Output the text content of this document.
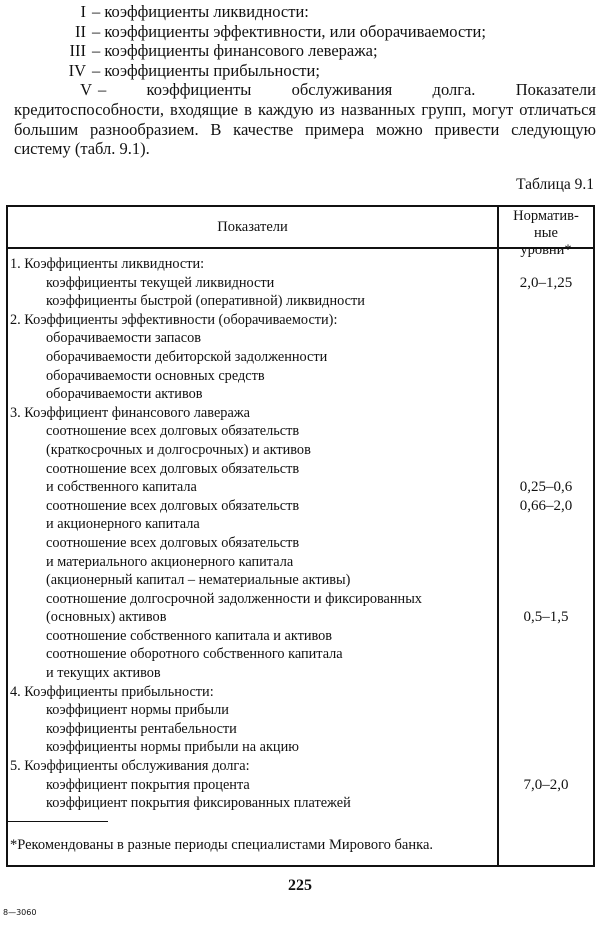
I – коэффициенты ликвидности:
II – коэффициенты эффективности, или оборачиваемости;
III – коэффициенты финансового левеража;
IV – коэффициенты прибыльности;

V – коэффициенты обслуживания долга. Показатели кредитоспособности, входящие в каждую из названных групп, могут отличаться большим разнообразием. В качестве примера можно привести следующую систему (табл. 9.1).

Таблица 9.1
Показатели
Норматив-
ные
уровни*
1. Коэффициенты ликвидности:
коэффициенты текущей ликвидности	2,0–1,25
коэффициенты быстрой (оперативной) ликвидности
2. Коэффициенты эффективности (оборачиваемости):
оборачиваемости запасов
оборачиваемости дебиторской задолженности
оборачиваемости основных средств
оборачиваемости активов
3. Коэффициент финансового лавеража
соотношение всех долговых обязательств
(краткосрочных и долгосрочных) и активов
соотношение всех долговых обязательств
и собственного капитала	0,25–0,6
соотношение всех долговых обязательств	0,66–2,0
и акционерного капитала
соотношение всех долговых обязательств
и материального акционерного капитала
(акционерный капитал – нематериальные активы)
соотношение долгосрочной задолженности и фиксированных
(основных) активов	0,5–1,5
соотношение собственного капитала и активов
соотношение оборотного собственного капитала
и текущих активов
4. Коэффициенты прибыльности:
коэффициент нормы прибыли
коэффициенты рентабельности
коэффициенты нормы прибыли на акцию
5. Коэффициенты обслуживания долга:
коэффициент покрытия процента	7,0–2,0
коэффициент покрытия фиксированных платежей
*Рекомендованы в разные периоды специалистами Мирового банка.
225
8—3060
